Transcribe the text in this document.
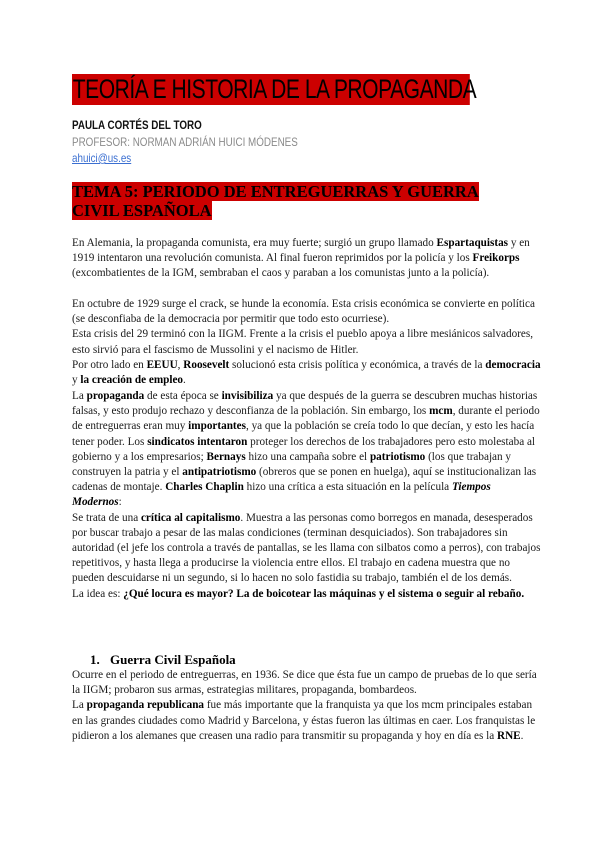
TEORÍA E HISTORIA DE LA PROPAGANDA
PAULA CORTÉS DEL TORO
PROFESOR: NORMAN ADRIÁN HUICI MÓDENES
ahuici@us.es
TEMA 5: PERIODO DE ENTREGUERRAS Y GUERRA CIVIL ESPAÑOLA

En Alemania, la propaganda comunista, era muy fuerte; surgió un grupo llamado Espartaquistas y en 1919 intentaron una revolución comunista. Al final fueron reprimidos por la policía y los Freikorps (excombatientes de la IGM, sembraban el caos y paraban a los comunistas junto a la policía).

En octubre de 1929 surge el crack, se hunde la economía. Esta crisis económica se convierte en política (se desconfiaba de la democracia por permitir que todo esto ocurriese).

Esta crisis del 29 terminó con la IIGM. Frente a la crisis el pueblo apoya a libre mesiánicos salvadores, esto sirvió para el fascismo de Mussolini y el nacismo de Hitler.

Por otro lado en EEUU, Roosevelt solucionó esta crisis política y económica, a través de la democracia y la creación de empleo.

La propaganda de esta época se invisibiliza ya que después de la guerra se descubren muchas historias falsas, y esto produjo rechazo y desconfianza de la población. Sin embargo, los mcm, durante el periodo de entreguerras eran muy importantes, ya que la población se creía todo lo que decían, y esto les hacía tener poder. Los sindicatos intentaron proteger los derechos de los trabajadores pero esto molestaba al gobierno y a los empresarios; Bernays hizo una campaña sobre el patriotismo (los que trabajan y construyen la patria y el antipatriotismo (obreros que se ponen en huelga), aquí se institucionalizan las cadenas de montaje. Charles Chaplin hizo una crítica a esta situación en la película Tiempos Modernos:

Se trata de una crítica al capitalismo. Muestra a las personas como borregos en manada, desesperados por buscar trabajo a pesar de las malas condiciones (terminan desquiciados). Son trabajadores sin autoridad (el jefe los controla a través de pantallas, se les llama con silbatos como a perros), con trabajos repetitivos, y hasta llega a producirse la violencia entre ellos. El trabajo en cadena muestra que no pueden descuidarse ni un segundo, si lo hacen no solo fastidia su trabajo, también el de los demás.

La idea es: ¿Qué locura es mayor? La de boicotear las máquinas y el sistema o seguir al rebaño.

1. Guerra Civil Española

Ocurre en el periodo de entreguerras, en 1936. Se dice que ésta fue un campo de pruebas de lo que sería la IIGM; probaron sus armas, estrategias militares, propaganda, bombardeos.

La propaganda republicana fue más importante que la franquista ya que los mcm principales estaban en las grandes ciudades como Madrid y Barcelona, y éstas fueron las últimas en caer. Los franquistas le pidieron a los alemanes que creasen una radio para transmitir su propaganda y hoy en día es la RNE.
